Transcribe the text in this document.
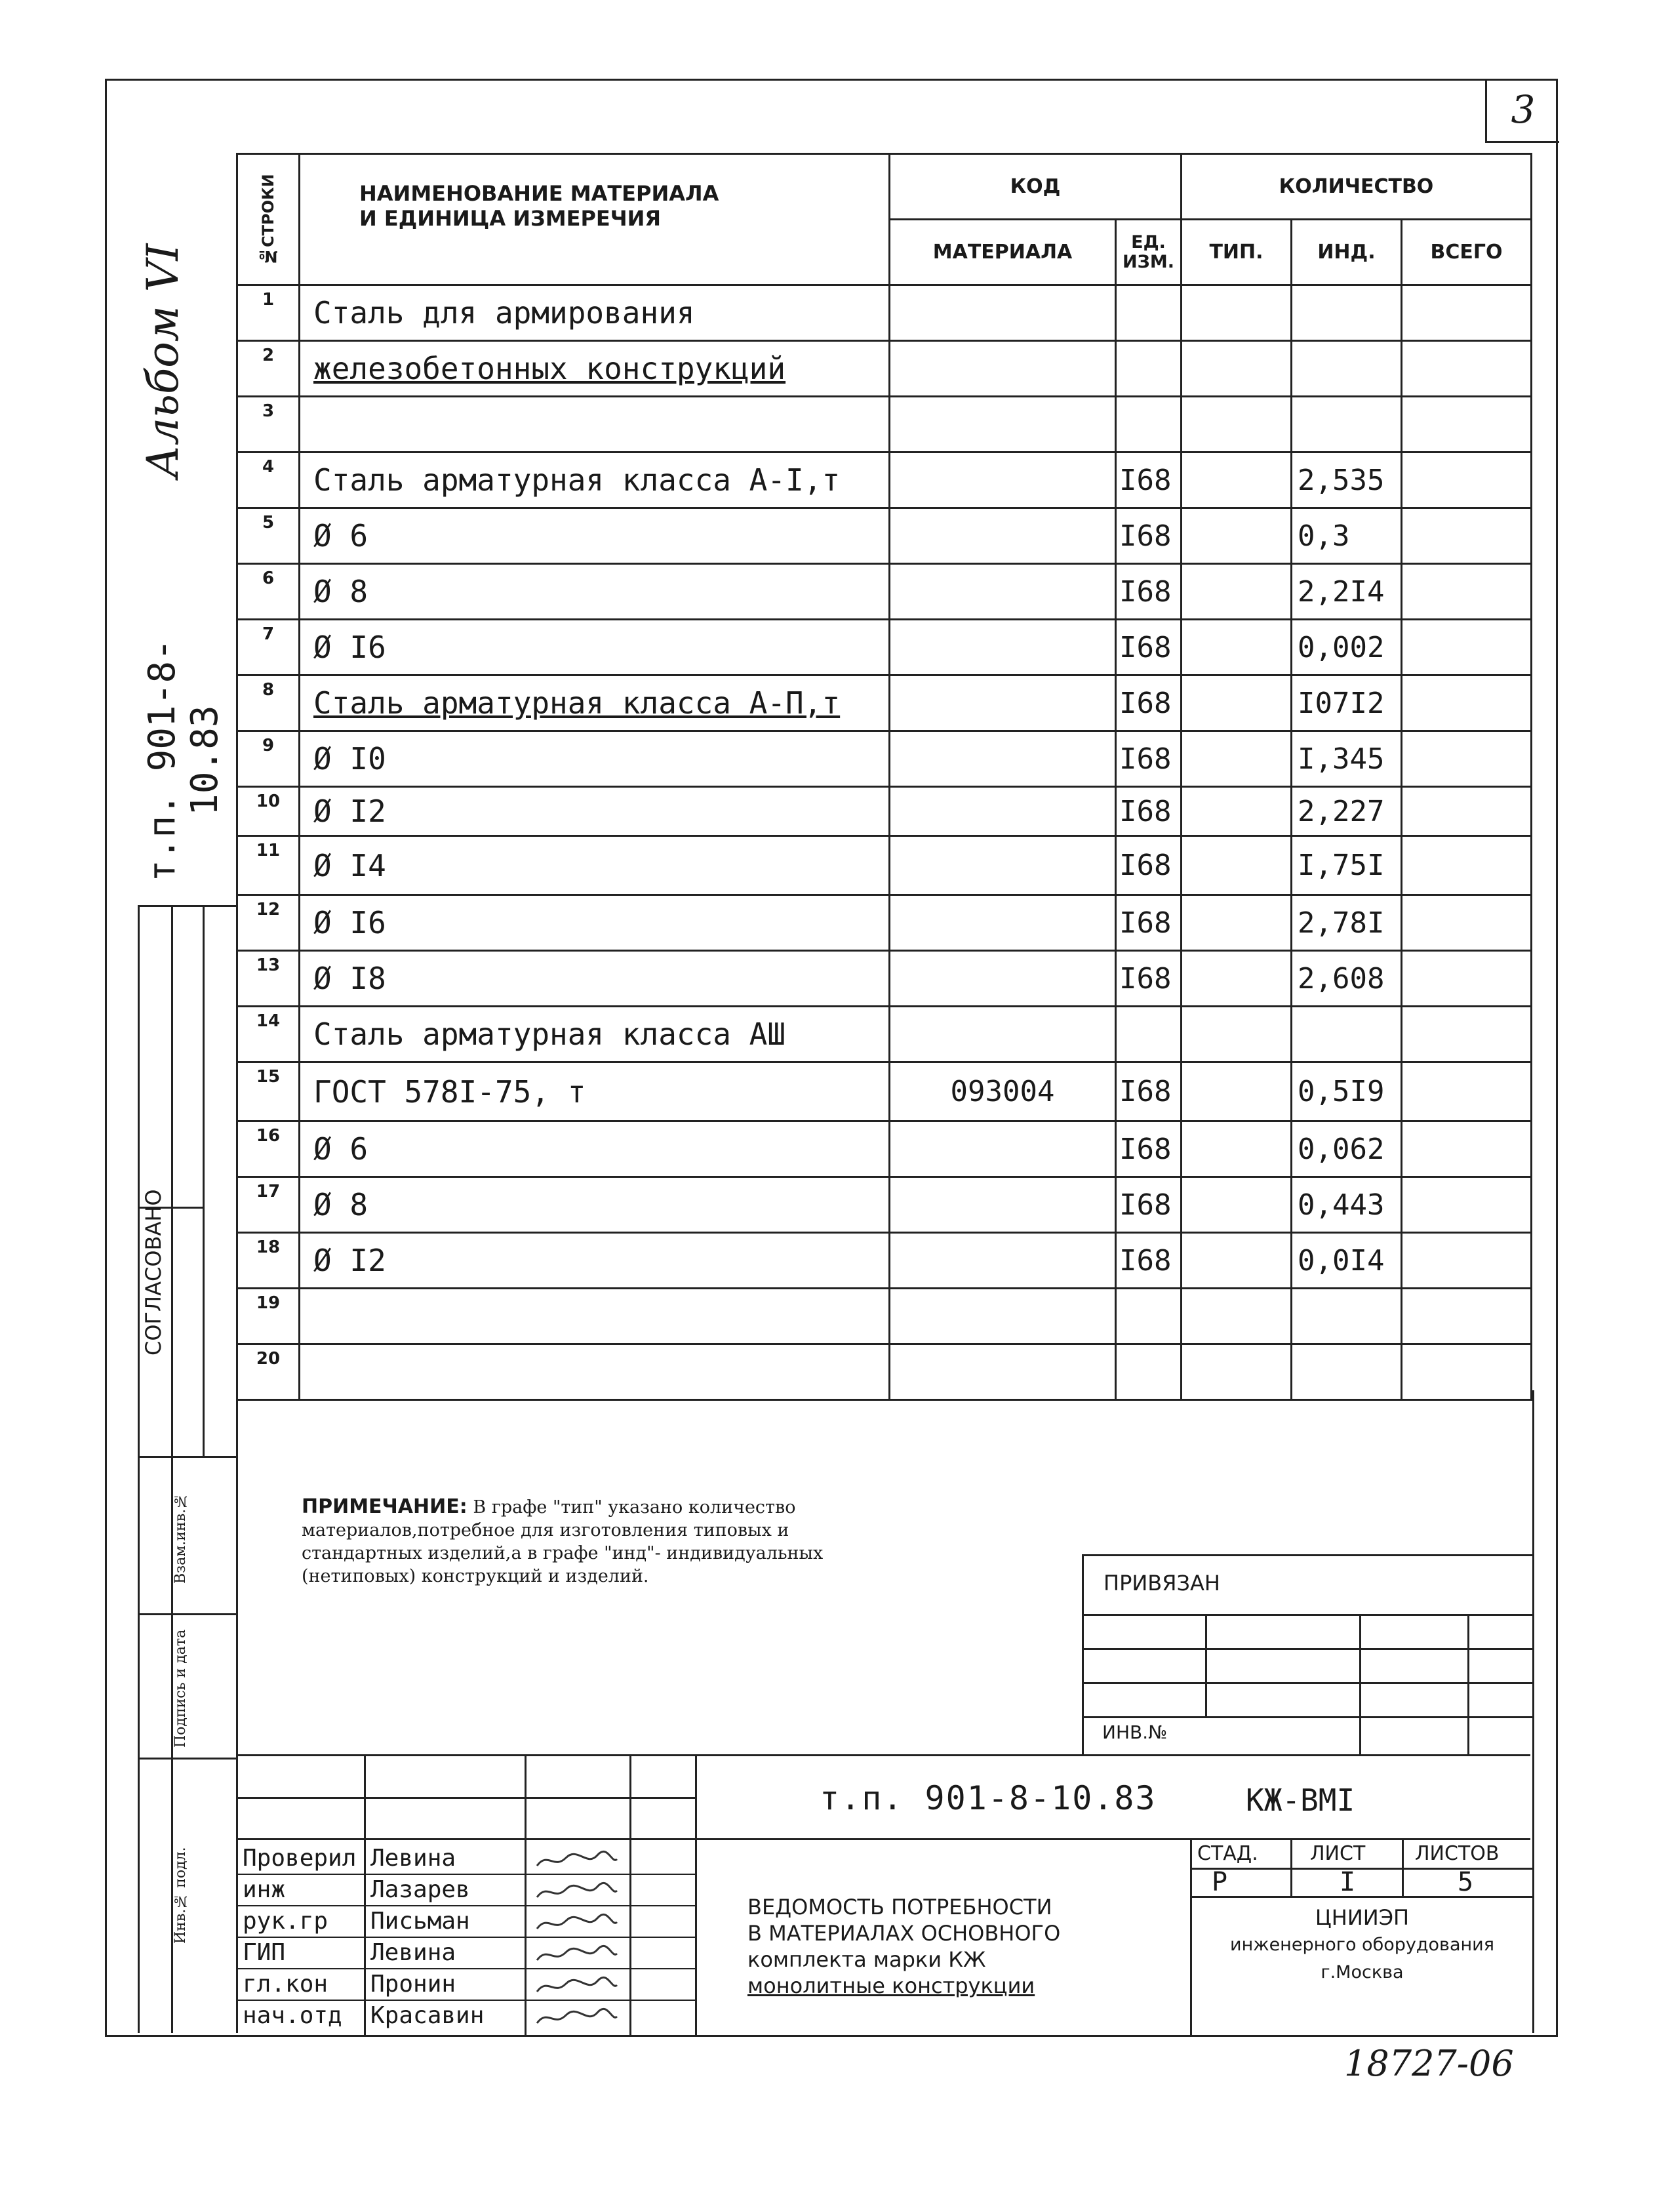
3
Альбом VI
т.п. 901-8-10.83
СОГЛАСОВАНО
Взам.инв.№
Подпись и дата
Инв.№ подл.
№СТРОКИ	НАИМЕНОВАНИЕ МАТЕРИАЛА
И ЕДИНИЦА ИЗМЕРЕЧИЯ	КОД		КОЛИЧЕСТВО		
		МАТЕРИАЛА	ЕД. ИЗМ.	ТИП.	ИНД.	ВСЕГО
1	Сталь для армирования					
2	железобетонных конструкций					
3						
4	Сталь арматурная класса А-I,т		I68		2,535	
5	Ø 6		I68		0,3	
6	Ø 8		I68		2,2I4	
7	Ø I6		I68		0,002	
8	Сталь арматурная класса А-П,т		I68		I07I2	
9	Ø I0		I68		I,345	
10	Ø I2		I68		2,227	
11	Ø I4		I68		I,75I	
12	Ø I6		I68		2,78I	
13	Ø I8		I68		2,608	
14	Сталь арматурная класса АШ					
15	ГОСТ 578I-75, т	093004	I68		0,5I9	
16	Ø 6		I68		0,062	
17	Ø 8		I68		0,443	
18	Ø I2		I68		0,0I4	
19						
20						
ПРИМЕЧАНИЕ: В графе "тип" указано количество материалов,потребное для изготовления типовых и стандартных изделий,а в графе "инд"- индивидуальных (нетиповых) конструкций и изделий.	ПРИВЯЗАН
ИНВ.№
Проверил Левина
инж	Лазарев
рук.гр Письман
ГИП	Левина
гл.кон Пронин
нач.отд Красавин
т.п. 901-8-10.83	КЖ-ВМI
ВЕДОМОСТЬ ПОТРЕБНОСТИ
В МАТЕРИАЛАХ ОСНОВНОГО
комплекта марки КЖ
монолитные конструкции
СТАД.	ЛИСТ	ЛИСТОВ
Р	I	5
ЦНИИЭП
инженерного оборудования
г.Москва
18727-06
